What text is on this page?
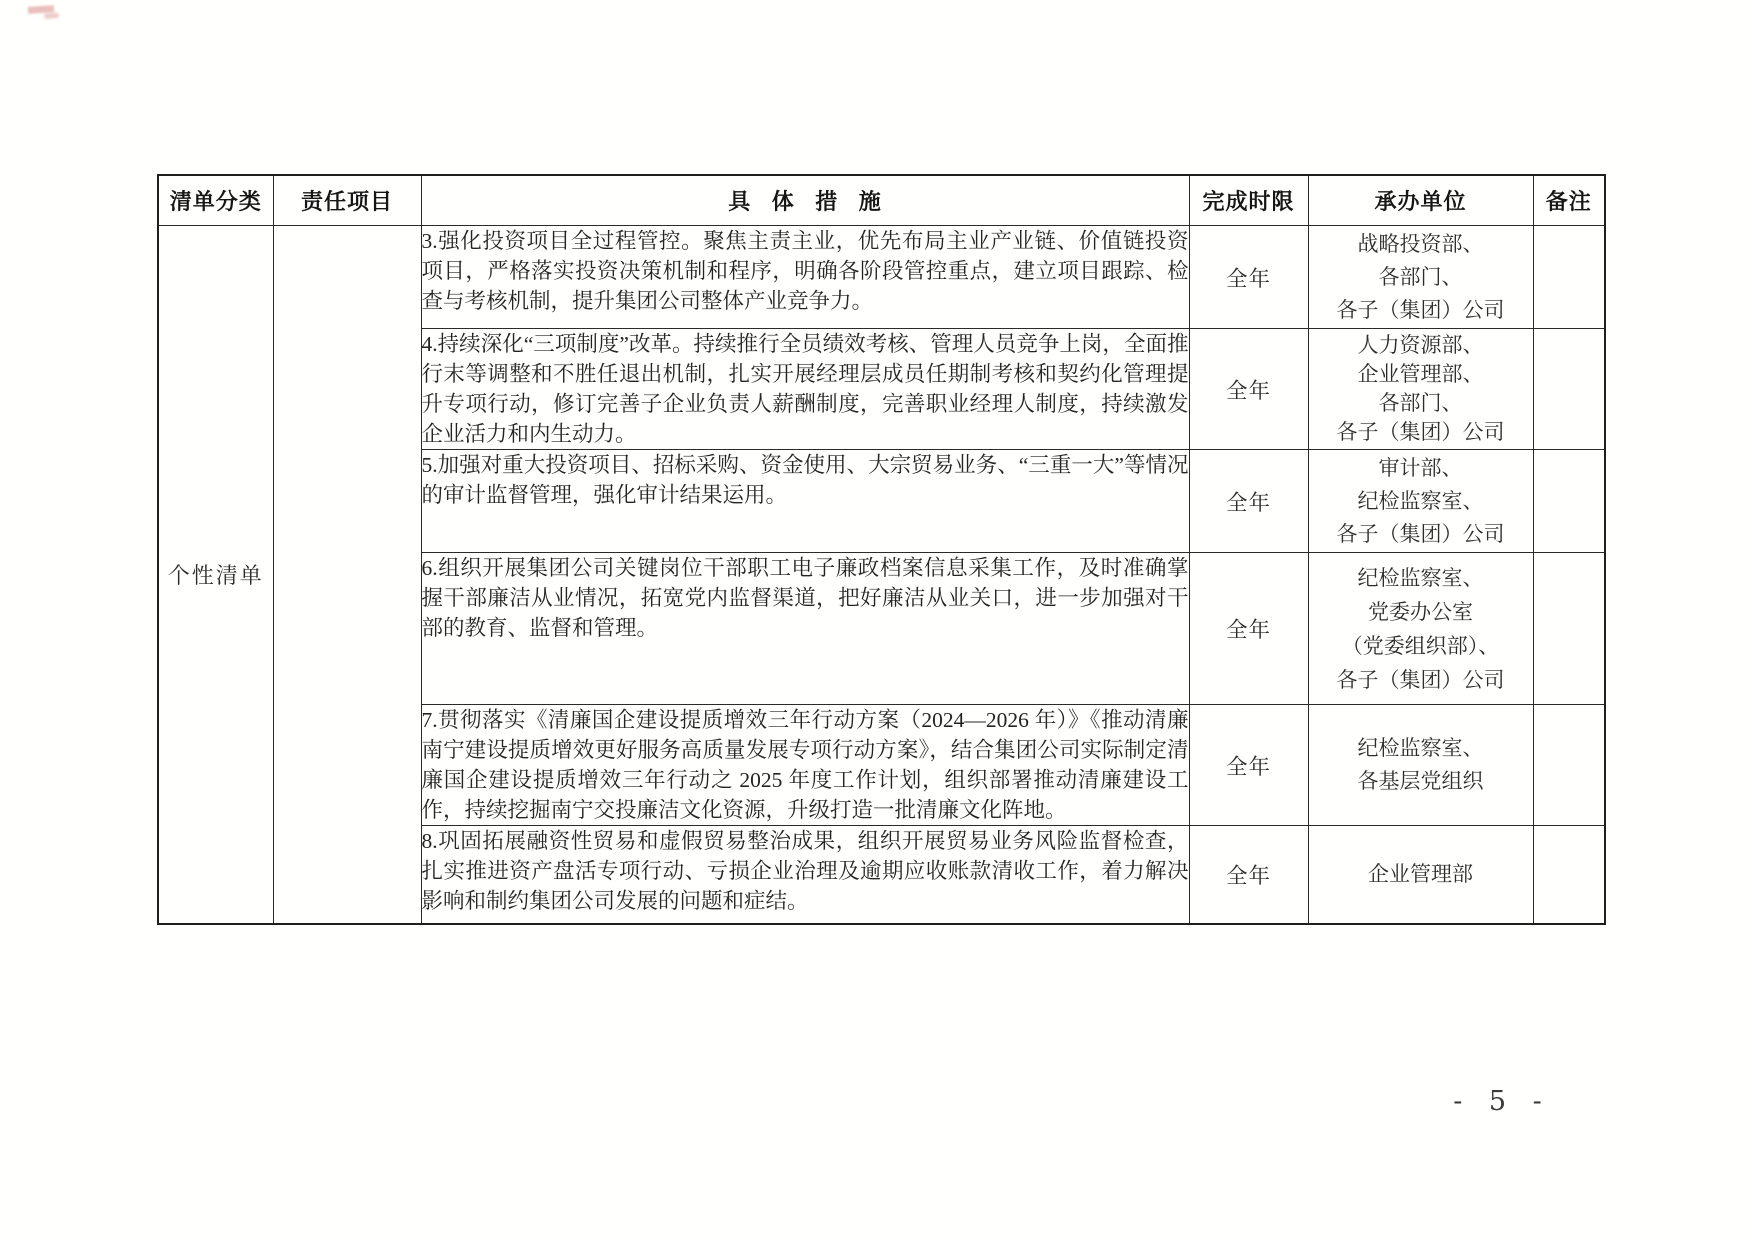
清单分类	责任项目	具 体 措 施	完成时限	承办单位	备注
个性清单		3.强化投资项目全过程管控。聚焦主责主业，优先布局主业产业链、价值链投资项目，严格落实投资决策机制和程序，明确各阶段管控重点，建立项目跟踪、检查与考核机制，提升集团公司整体产业竞争力。	全年	战略投资部、
各部门、
各子（集团）公司	

		4.持续深化“三项制度”改革。持续推行全员绩效考核、管理人员竞争上岗，全面推行末等调整和不胜任退出机制，扎实开展经理层成员任期制考核和契约化管理提升专项行动，修订完善子企业负责人薪酬制度，完善职业经理人制度，持续激发企业活力和内生动力。	全年	人力资源部、
企业管理部、
各部门、
各子（集团）公司	

		5.加强对重大投资项目、招标采购、资金使用、大宗贸易业务、“三重一大”等情况的审计监督管理，强化审计结果运用。	全年	审计部、
纪检监察室、
各子（集团）公司	

		6.组织开展集团公司关键岗位干部职工电子廉政档案信息采集工作，及时准确掌握干部廉洁从业情况，拓宽党内监督渠道，把好廉洁从业关口，进一步加强对干部的教育、监督和管理。	全年	纪检监察室、
党委办公室
（党委组织部）、
各子（集团）公司	

		7.贯彻落实《清廉国企建设提质增效三年行动方案（2024—2026 年）》《推动清廉南宁建设提质增效更好服务高质量发展专项行动方案》，结合集团公司实际制定清廉国企建设提质增效三年行动之 2025 年度工作计划，组织部署推动清廉建设工作，持续挖掘南宁交投廉洁文化资源，升级打造一批清廉文化阵地。	全年	纪检监察室、
各基层党组织	

		8.巩固拓展融资性贸易和虚假贸易整治成果，组织开展贸易业务风险监督检查，扎实推进资产盘活专项行动、亏损企业治理及逾期应收账款清收工作，着力解决影响和制约集团公司发展的问题和症结。	全年	企业管理部	

- 5 -
